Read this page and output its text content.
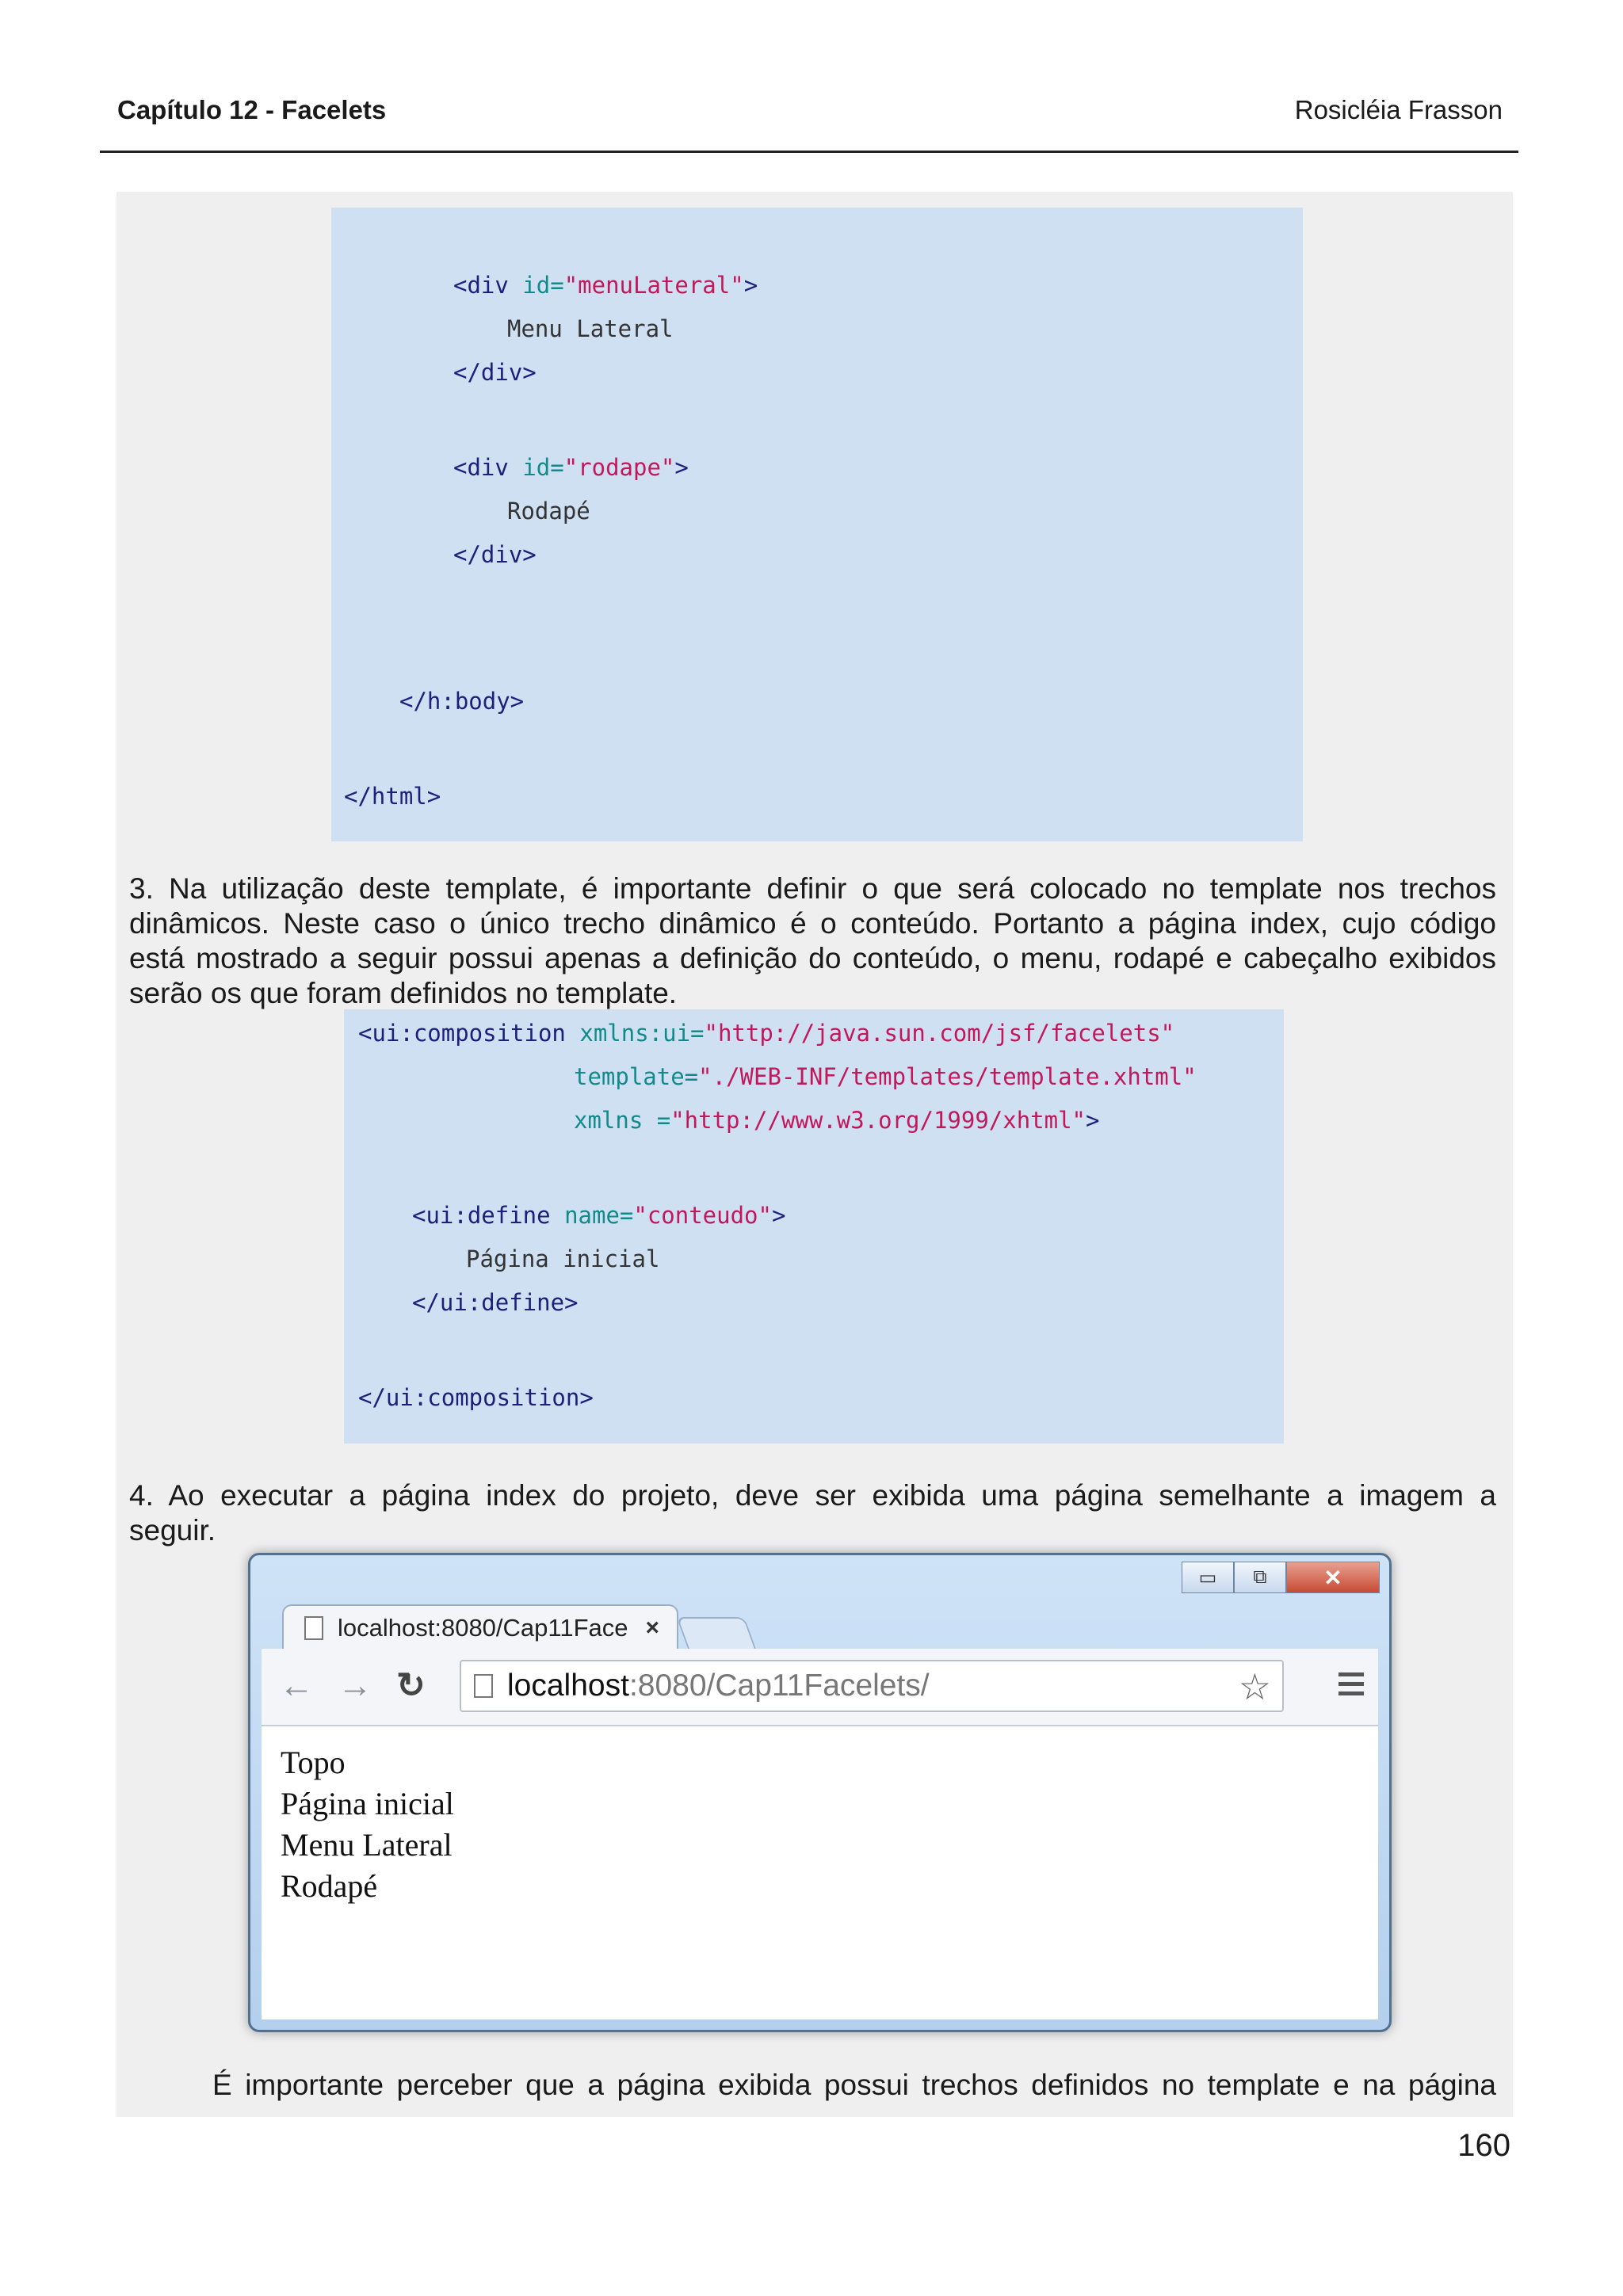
Capítulo 12 - Facelets	Rosicléia Frasson
<div id="menuLateral">
Menu Lateral
</div>
<div id="rodape">
Rodapé
</div>
</h:body>
</html>
3. Na utilização deste template, é importante definir o que será colocado no template nos trechos
dinâmicos. Neste caso o único trecho dinâmico é o conteúdo. Portanto a página index, cujo código
está mostrado a seguir possui apenas a definição do conteúdo, o menu, rodapé e cabeçalho exibidos
serão os que foram definidos no template.
<ui:composition xmlns:ui="http://java.sun.com/jsf/facelets"
template="./WEB-INF/templates/template.xhtml"
xmlns ="http://www.w3.org/1999/xhtml">
<ui:define name="conteudo">
Página inicial
</ui:define>
</ui:composition>
4. Ao executar a página index do projeto, deve ser exibida uma página semelhante a imagem a
seguir.
▭	⧉	✕
localhost:8080/Cap11Face ×
← → ↻	localhost:8080/Cap11Facelets/	☆
Topo
Página inicial
Menu Lateral
Rodapé
É importante perceber que a página exibida possui trechos definidos no template e na página
160
